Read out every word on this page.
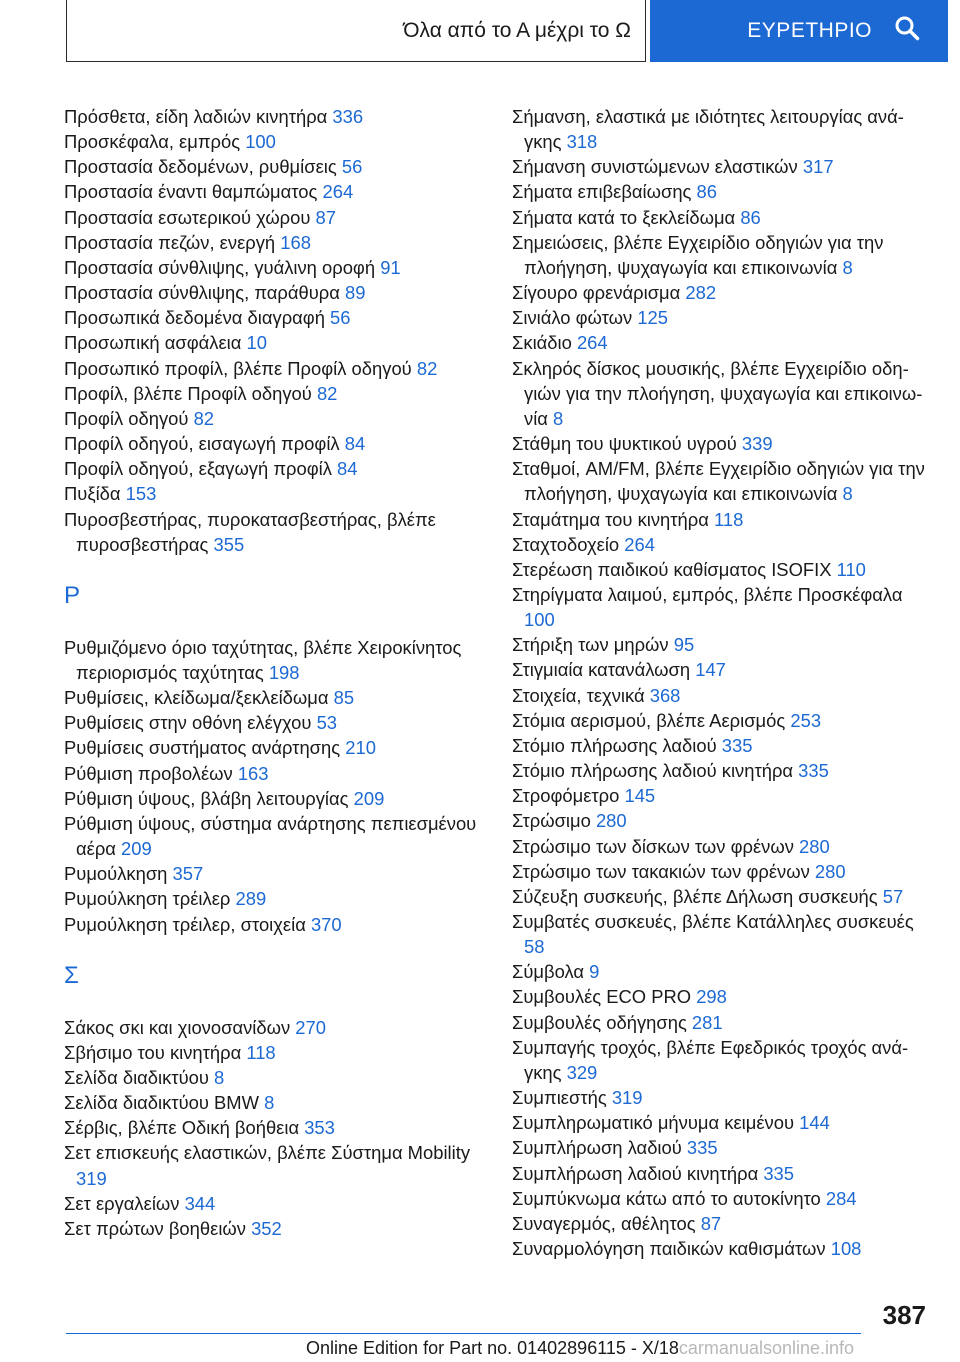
Όλα από το Α μέχρι το Ω	ΕΥΡΕΤΗΡΙΟ
Πρόσθετα, είδη λαδιών κινητήρα 336
Προσκέφαλα, εμπρός 100
Προστασία δεδομένων, ρυθμίσεις 56
Προστασία έναντι θαμπώματος 264
Προστασία εσωτερικού χώρου 87
Προστασία πεζών, ενεργή 168
Προστασία σύνθλιψης, γυάλινη οροφή 91
Προστασία σύνθλιψης, παράθυρα 89
Προσωπικά δεδομένα διαγραφή 56
Προσωπική ασφάλεια 10
Προσωπικό προφίλ, βλέπε Προφίλ οδηγού 82
Προφίλ, βλέπε Προφίλ οδηγού 82
Προφίλ οδηγού 82
Προφίλ οδηγού, εισαγωγή προφίλ 84
Προφίλ οδηγού, εξαγωγή προφίλ 84
Πυξίδα 153
Πυροσβεστήρας, πυροκατασβεστήρας, βλέπε πυροσβεστήρας 355
Ρ
Ρυθμιζόμενο όριο ταχύτητας, βλέπε Χειροκίνητος περιορισμός ταχύτητας 198
Ρυθμίσεις, κλείδωμα/ξεκλείδωμα 85
Ρυθμίσεις στην οθόνη ελέγχου 53
Ρυθμίσεις συστήματος ανάρτησης 210
Ρύθμιση προβολέων 163
Ρύθμιση ύψους, βλάβη λειτουργίας 209
Ρύθμιση ύψους, σύστημα ανάρτησης πεπιεσμένου αέρα 209
Ρυμούλκηση 357
Ρυμούλκηση τρέιλερ 289
Ρυμούλκηση τρέιλερ, στοιχεία 370
Σ
Σάκος σκι και χιονοσανίδων 270
Σβήσιμο του κινητήρα 118
Σελίδα διαδικτύου 8
Σελίδα διαδικτύου BMW 8
Σέρβις, βλέπε Οδική βοήθεια 353
Σετ επισκευής ελαστικών, βλέπε Σύστημα Mobility 319
Σετ εργαλείων 344
Σετ πρώτων βοηθειών 352
Σήμανση, ελαστικά με ιδιότητες λειτουργίας ανάγκης 318
Σήμανση συνιστώμενων ελαστικών 317
Σήματα επιβεβαίωσης 86
Σήματα κατά το ξεκλείδωμα 86
Σημειώσεις, βλέπε Εγχειρίδιο οδηγιών για την πλοήγηση, ψυχαγωγία και επικοινωνία 8
Σίγουρο φρενάρισμα 282
Σινιάλο φώτων 125
Σκιάδιο 264
Σκληρός δίσκος μουσικής, βλέπε Εγχειρίδιο οδηγιών για την πλοήγηση, ψυχαγωγία και επικοινωνία 8
Στάθμη του ψυκτικού υγρού 339
Σταθμοί, AM/FM, βλέπε Εγχειρίδιο οδηγιών για την πλοήγηση, ψυχαγωγία και επικοινωνία 8
Σταμάτημα του κινητήρα 118
Σταχτοδοχείο 264
Στερέωση παιδικού καθίσματος ISOFIX 110
Στηρίγματα λαιμού, εμπρός, βλέπε Προσκέφαλα 100
Στήριξη των μηρών 95
Στιγμιαία κατανάλωση 147
Στοιχεία, τεχνικά 368
Στόμια αερισμού, βλέπε Αερισμός 253
Στόμιο πλήρωσης λαδιού 335
Στόμιο πλήρωσης λαδιού κινητήρα 335
Στροφόμετρο 145
Στρώσιμο 280
Στρώσιμο των δίσκων των φρένων 280
Στρώσιμο των τακακιών των φρένων 280
Σύζευξη συσκευής, βλέπε Δήλωση συσκευής 57
Συμβατές συσκευές, βλέπε Κατάλληλες συσκευές 58
Σύμβολα 9
Συμβουλές ECO PRO 298
Συμβουλές οδήγησης 281
Συμπαγής τροχός, βλέπε Εφεδρικός τροχός ανάγκης 329
Συμπιεστής 319
Συμπληρωματικό μήνυμα κειμένου 144
Συμπλήρωση λαδιού 335
Συμπλήρωση λαδιού κινητήρα 335
Συμπύκνωμα κάτω από το αυτοκίνητο 284
Συναγερμός, αθέλητος 87
Συναρμολόγηση παιδικών καθισμάτων 108
387
Online Edition for Part no. 01402896115 - X/18carmanualsonline.info
